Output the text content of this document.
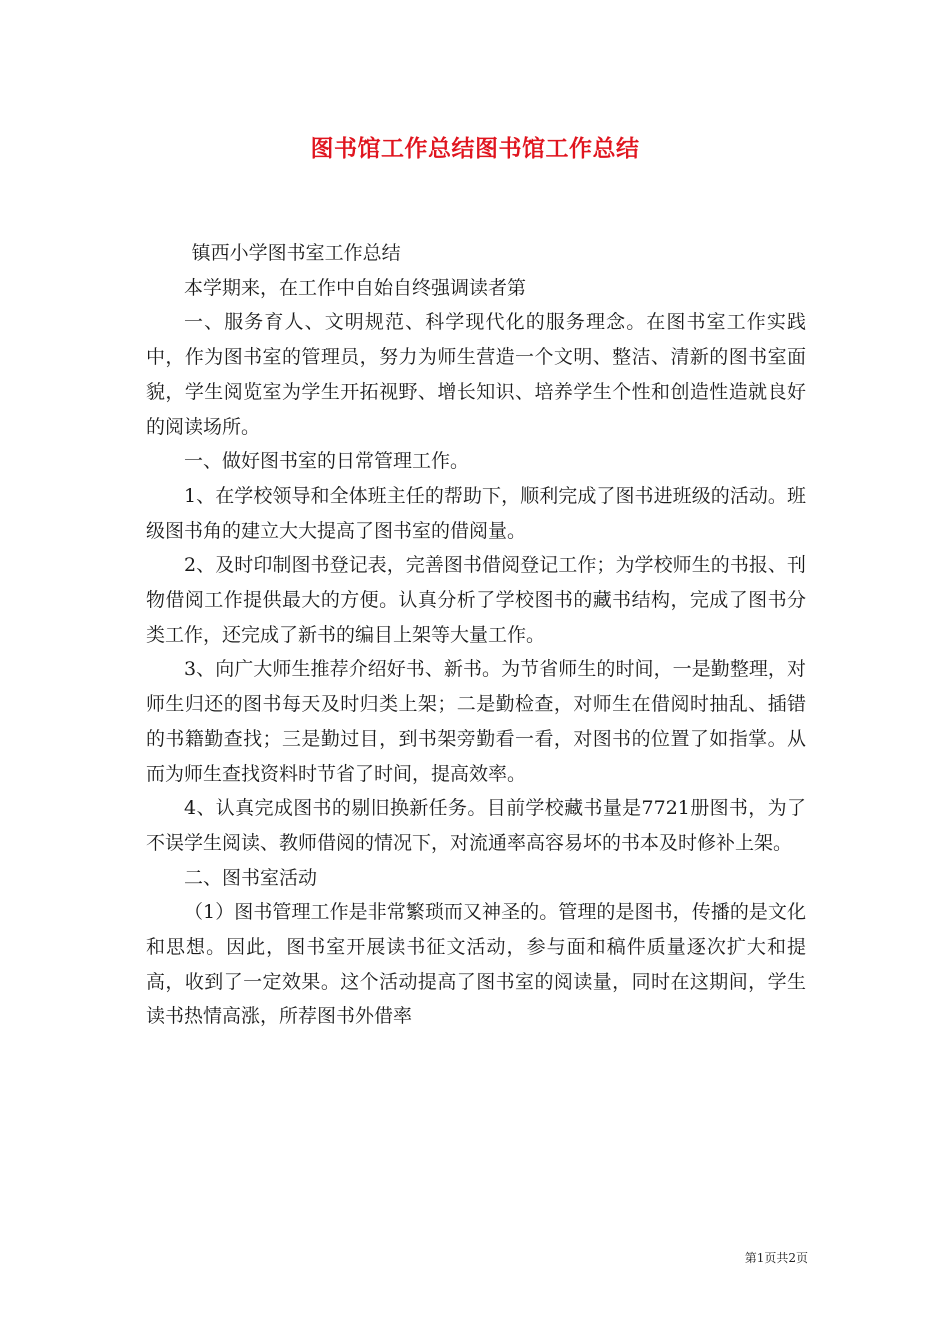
图书馆工作总结图书馆工作总结

镇西小学图书室工作总结

本学期来，在工作中自始自终强调读者第

一、服务育人、文明规范、科学现代化的服务理念。在图书室工作实践中，作为图书室的管理员，努力为师生营造一个文明、整洁、清新的图书室面貌，学生阅览室为学生开拓视野、增长知识、培养学生个性和创造性造就良好的阅读场所。

一、做好图书室的日常管理工作。

1、在学校领导和全体班主任的帮助下，顺利完成了图书进班级的活动。班级图书角的建立大大提高了图书室的借阅量。

2、及时印制图书登记表，完善图书借阅登记工作；为学校师生的书报、刊物借阅工作提供最大的方便。认真分析了学校图书的藏书结构，完成了图书分类工作，还完成了新书的编目上架等大量工作。

3、向广大师生推荐介绍好书、新书。为节省师生的时间，一是勤整理，对师生归还的图书每天及时归类上架；二是勤检查，对师生在借阅时抽乱、插错的书籍勤查找；三是勤过目，到书架旁勤看一看，对图书的位置了如指掌。从而为师生查找资料时节省了时间，提高效率。

4、认真完成图书的剔旧换新任务。目前学校藏书量是7721册图书，为了不误学生阅读、教师借阅的情况下，对流通率高容易坏的书本及时修补上架。

二、图书室活动

（1）图书管理工作是非常繁琐而又神圣的。管理的是图书，传播的是文化和思想。因此，图书室开展读书征文活动，参与面和稿件质量逐次扩大和提高，收到了一定效果。这个活动提高了图书室的阅读量，同时在这期间，学生读书热情高涨，所荐图书外借率

第1页共2页
